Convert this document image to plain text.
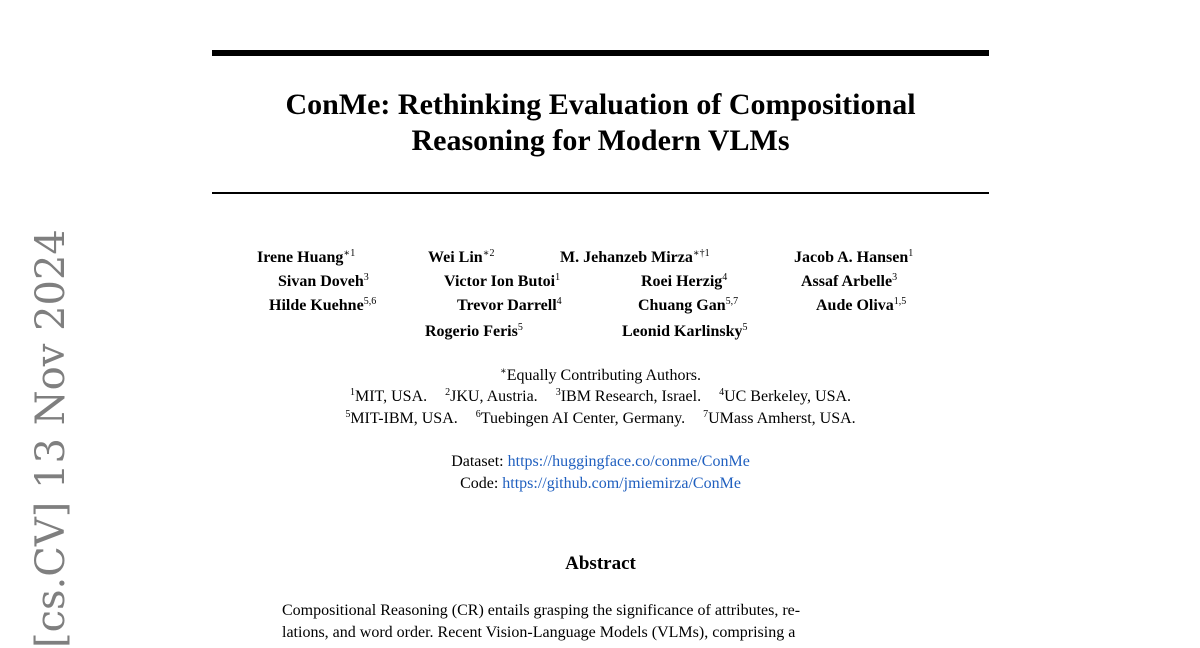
[cs.CV] 13 Nov 2024
ConMe: Rethinking Evaluation of Compositional
Reasoning for Modern VLMs
Irene Huang$^{∗1}$	Wei Lin$^{∗2}$	M. Jehanzeb Mirza$^{∗\dagger 1}$	Jacob A. Hansen$^1$
Sivan Doveh$^3$	Victor Ion Butoi$^1$	Roei Herzig$^4$	Assaf Arbelle$^3$
Hilde Kuehne$^{5,6}$	Trevor Darrell$^4$	Chuang Gan$^{5,7}$	Aude Oliva$^{1,5}$
Rogerio Feris$^5$	Leonid Karlinsky$^5$
∗Equally Contributing Authors.
$^1$MIT, USA. $^2$JKU, Austria. $^3$IBM Research, Israel. $^4$UC Berkeley, USA.
$^5$MIT-IBM, USA. $^6$Tuebingen AI Center, Germany. $^7$UMass Amherst, USA.
Dataset: https://huggingface.co/conme/ConMe
Code: https://github.com/jmiemirza/ConMe
Abstract

Compositional Reasoning (CR) entails grasping the significance of attributes, re-

lations, and word order. Recent Vision-Language Models (VLMs), comprising a
